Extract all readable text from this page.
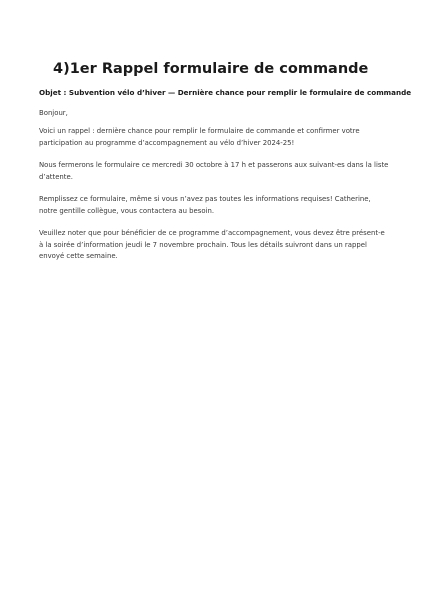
4)1er Rappel formulaire de commande
Objet : Subvention vélo d’hiver — Dernière chance pour remplir le formulaire de commande

Bonjour,

Voici un rappel : dernière chance pour remplir le formulaire de commande et confirmer votre participation au programme d’accompagnement au vélo d’hiver 2024-25!

Nous fermerons le formulaire ce mercredi 30 octobre à 17 h et passerons aux suivant-es dans la liste d’attente.

Remplissez ce formulaire, même si vous n’avez pas toutes les informations requises! Catherine, notre gentille collègue, vous contactera au besoin.

Veuillez noter que pour bénéficier de ce programme d’accompagnement, vous devez être présent-e à la soirée d’information jeudi le 7 novembre prochain. Tous les détails suivront dans un rappel envoyé cette semaine.
